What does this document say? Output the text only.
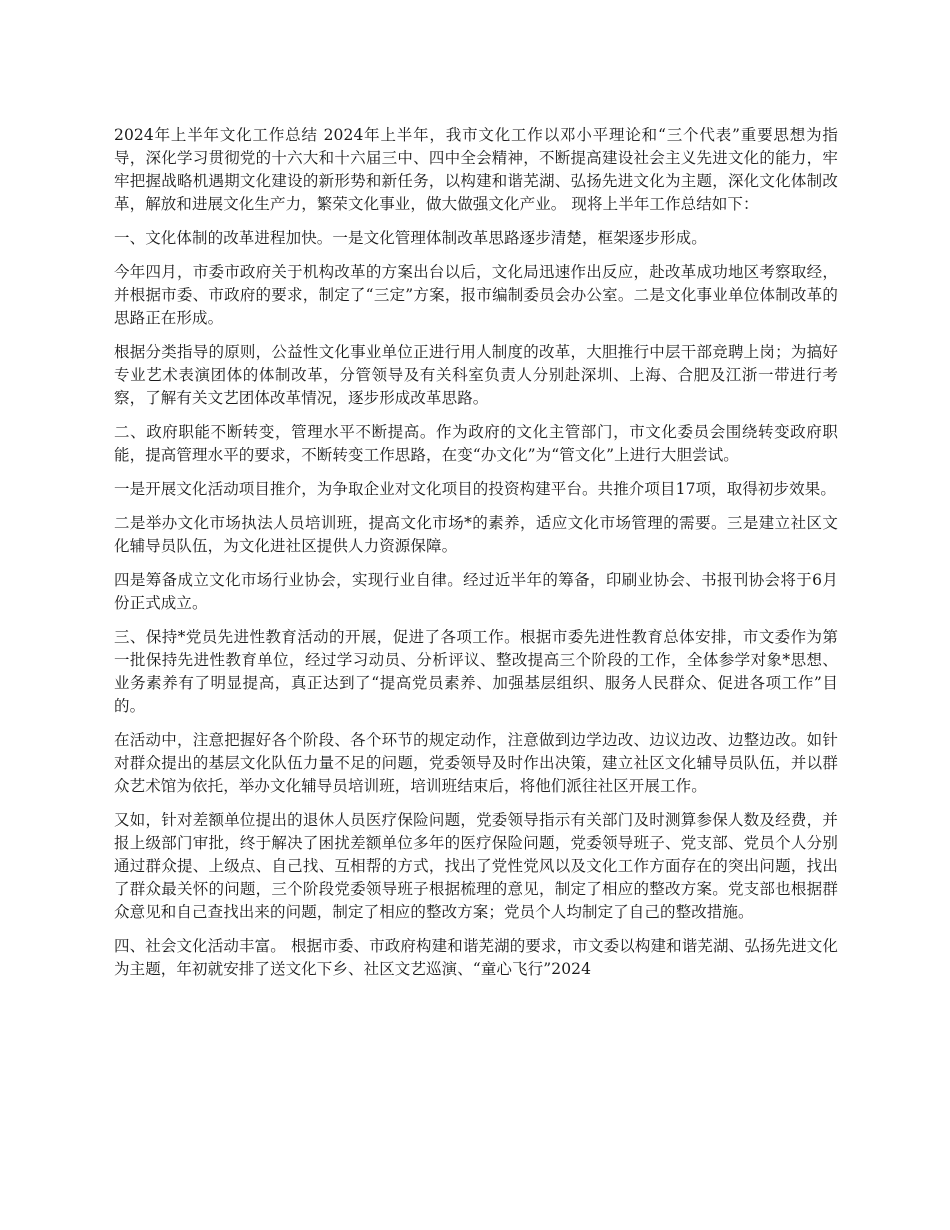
2024年上半年文化工作总结 2024年上半年，我市文化工作以邓小平理论和“三个代表”重要思想为指导，深化学习贯彻党的十六大和十六届三中、四中全会精神，不断提高建设社会主义先进文化的能力，牢牢把握战略机遇期文化建设的新形势和新任务，以构建和谐芜湖、弘扬先进文化为主题，深化文化体制改革，解放和进展文化生产力，繁荣文化事业，做大做强文化产业。 现将上半年工作总结如下：

一、文化体制的改革进程加快。一是文化管理体制改革思路逐步清楚，框架逐步形成。

今年四月，市委市政府关于机构改革的方案出台以后，文化局迅速作出反应，赴改革成功地区考察取经，并根据市委、市政府的要求，制定了“三定”方案，报市编制委员会办公室。二是文化事业单位体制改革的思路正在形成。

根据分类指导的原则，公益性文化事业单位正进行用人制度的改革，大胆推行中层干部竞聘上岗；为搞好专业艺术表演团体的体制改革，分管领导及有关科室负责人分别赴深圳、上海、合肥及江浙一带进行考察，了解有关文艺团体改革情况，逐步形成改革思路。

二、政府职能不断转变，管理水平不断提高。作为政府的文化主管部门，市文化委员会围绕转变政府职能，提高管理水平的要求，不断转变工作思路，在变“办文化”为“管文化”上进行大胆尝试。

一是开展文化活动项目推介，为争取企业对文化项目的投资构建平台。共推介项目17项，取得初步效果。

二是举办文化市场执法人员培训班，提高文化市场*的素养，适应文化市场管理的需要。三是建立社区文化辅导员队伍，为文化进社区提供人力资源保障。

四是筹备成立文化市场行业协会，实现行业自律。经过近半年的筹备，印刷业协会、书报刊协会将于6月份正式成立。

三、保持*党员先进性教育活动的开展，促进了各项工作。根据市委先进性教育总体安排，市文委作为第一批保持先进性教育单位，经过学习动员、分析评议、整改提高三个阶段的工作，全体参学对象*思想、业务素养有了明显提高，真正达到了“提高党员素养、加强基层组织、服务人民群众、促进各项工作”目的。

在活动中，注意把握好各个阶段、各个环节的规定动作，注意做到边学边改、边议边改、边整边改。如针对群众提出的基层文化队伍力量不足的问题，党委领导及时作出决策，建立社区文化辅导员队伍，并以群众艺术馆为依托，举办文化辅导员培训班，培训班结束后，将他们派往社区开展工作。

又如，针对差额单位提出的退休人员医疗保险问题，党委领导指示有关部门及时测算参保人数及经费，并报上级部门审批，终于解决了困扰差额单位多年的医疗保险问题，党委领导班子、党支部、党员个人分别通过群众提、上级点、自己找、互相帮的方式，找出了党性党风以及文化工作方面存在的突出问题，找出了群众最关怀的问题，三个阶段党委领导班子根据梳理的意见，制定了相应的整改方案。党支部也根据群众意见和自己查找出来的问题，制定了相应的整改方案；党员个人均制定了自己的整改措施。

四、社会文化活动丰富。 根据市委、市政府构建和谐芜湖的要求，市文委以构建和谐芜湖、弘扬先进文化为主题，年初就安排了送文化下乡、社区文艺巡演、“童心飞行”2024
